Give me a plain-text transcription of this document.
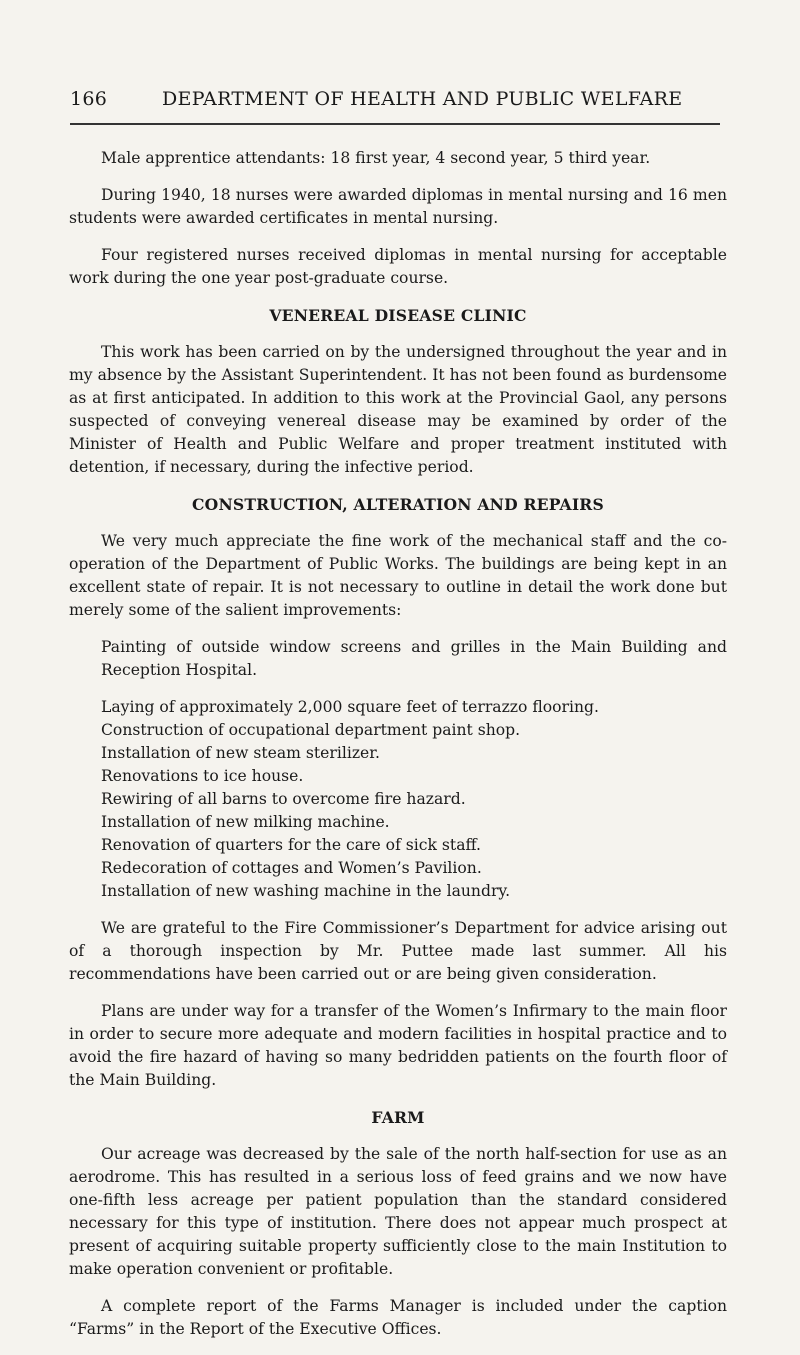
166	DEPARTMENT OF HEALTH AND PUBLIC WELFARE

Male apprentice attendants: 18 first year, 4 second year, 5 third year.

During 1940, 18 nurses were awarded diplomas in mental nursing and 16 men students were awarded certificates in mental nursing.

Four registered nurses received diplomas in mental nursing for acceptable work during the one year post-graduate course.

VENEREAL DISEASE CLINIC

This work has been carried on by the undersigned throughout the year and in my absence by the Assistant Superintendent. It has not been found as burdensome as at first anticipated. In addition to this work at the Provincial Gaol, any persons suspected of conveying venereal disease may be examined by order of the Minister of Health and Public Welfare and proper treatment instituted with detention, if necessary, during the infective period.

CONSTRUCTION, ALTERATION AND REPAIRS

We very much appreciate the fine work of the mechanical staff and the co-operation of the Department of Public Works. The buildings are being kept in an excellent state of repair. It is not necessary to outline in detail the work done but merely some of the salient improvements:

Painting of outside window screens and grilles in the Main Building and Reception Hospital.
Laying of approximately 2,000 square feet of terrazzo flooring.
Construction of occupational department paint shop.
Installation of new steam sterilizer.
Renovations to ice house.
Rewiring of all barns to overcome fire hazard.
Installation of new milking machine.
Renovation of quarters for the care of sick staff.
Redecoration of cottages and Women’s Pavilion.
Installation of new washing machine in the laundry.

We are grateful to the Fire Commissioner’s Department for advice arising out of a thorough inspection by Mr. Puttee made last summer. All his recommendations have been carried out or are being given consideration.

Plans are under way for a transfer of the Women’s Infirmary to the main floor in order to secure more adequate and modern facilities in hospital practice and to avoid the fire hazard of having so many bedridden patients on the fourth floor of the Main Building.

FARM

Our acreage was decreased by the sale of the north half-section for use as an aerodrome. This has resulted in a serious loss of feed grains and we now have one-fifth less acreage per patient population than the standard considered necessary for this type of institution. There does not appear much prospect at present of acquiring suitable property sufficiently close to the main Institution to make operation convenient or profitable.

A complete report of the Farms Manager is included under the caption “Farms” in the Report of the Executive Offices.
